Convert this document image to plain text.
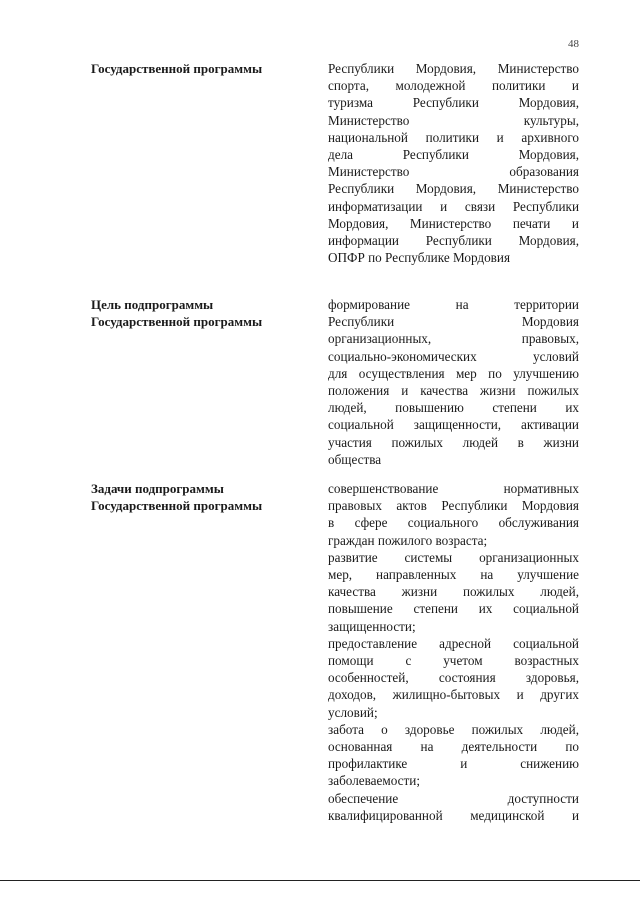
48
Государственной программы	Республики Мордовия, Министерство
спорта, молодежной политики и
туризма Республики Мордовия,
Министерство культуры,
национальной политики и архивного
дела Республики Мордовия,
Министерство образования
Республики Мордовия, Министерство
информатизации и связи Республики
Мордовия, Министерство печати и
информации Республики Мордовия,
ОПФР по Республике Мордовия
Цель подпрограммы
Государственной программы
формирование на территории
Республики Мордовия
организационных, правовых,
социально-экономических условий
для осуществления мер по улучшению
положения и качества жизни пожилых
людей, повышению степени их
социальной защищенности, активации
участия пожилых людей в жизни
общества
Задачи подпрограммы
Государственной программы
совершенствование нормативных
правовых актов Республики Мордовия
в сфере социального обслуживания
граждан пожилого возраста;
развитие системы организационных
мер, направленных на улучшение
качества жизни пожилых людей,
повышение степени их социальной
защищенности;
предоставление адресной социальной
помощи с учетом возрастных
особенностей, состояния здоровья,
доходов, жилищно-бытовых и других
условий;
забота о здоровье пожилых людей,
основанная на деятельности по
профилактике и снижению
заболеваемости;
обеспечение доступности
квалифицированной медицинской и
